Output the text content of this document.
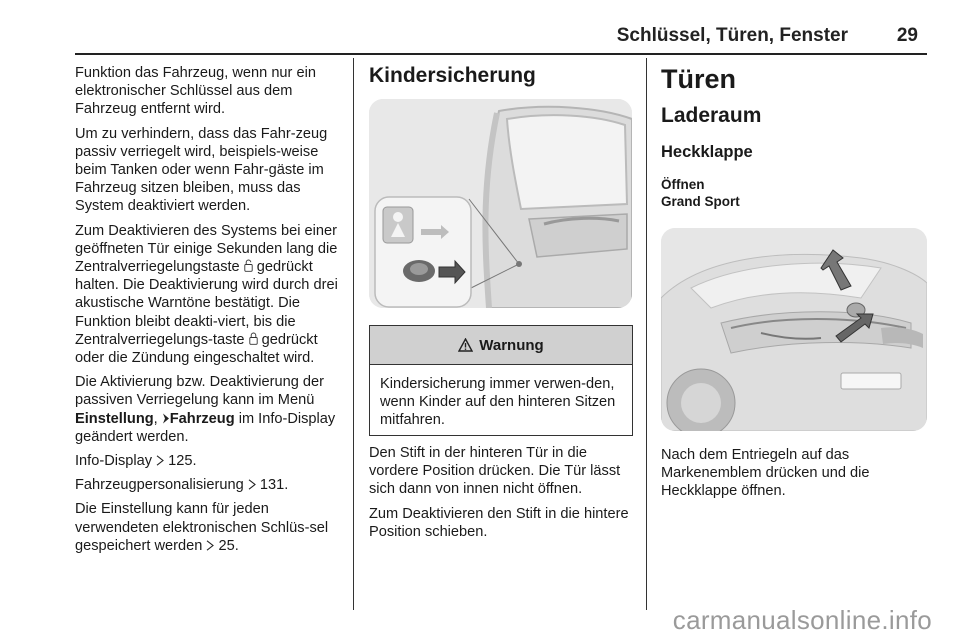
Schlüssel, Türen, Fenster	29

Funktion das Fahrzeug, wenn nur ein elektronischer Schlüssel aus dem Fahrzeug entfernt wird.

Um zu verhindern, dass das Fahr-zeug passiv verriegelt wird, beispiels-weise beim Tanken oder wenn Fahr-gäste im Fahrzeug sitzen bleiben, muss das System deaktiviert werden.

Zum Deaktivieren des Systems bei einer geöffneten Tür einige Sekunden lang die Zentralverriegelungstaste  gedrückt halten. Die Deaktivierung wird durch drei akustische Warntöne bestätigt. Die Funktion bleibt deakti-viert, bis die Zentralverriegelungs-taste  gedrückt oder die Zündung eingeschaltet wird.

Die Aktivierung bzw. Deaktivierung der passiven Verriegelung kann im Menü Einstellung, Fahrzeug im Info-Display geändert werden.

Info-Display  125.

Fahrzeugpersonalisierung  131.

Die Einstellung kann für jeden verwendeten elektronischen Schlüs-sel gespeichert werden  25.

Kindersicherung
Warnung
Kindersicherung immer verwen-den, wenn Kinder auf den hinteren Sitzen mitfahren.

Den Stift in der hinteren Tür in die vordere Position drücken. Die Tür lässt sich dann von innen nicht öffnen.

Zum Deaktivieren den Stift in die hintere Position schieben.

Türen
Laderaum
Heckklappe
Öffnen
Grand Sport

Nach dem Entriegeln auf das Markenemblem drücken und die Heckklappe öffnen.

carmanualsonline.info
